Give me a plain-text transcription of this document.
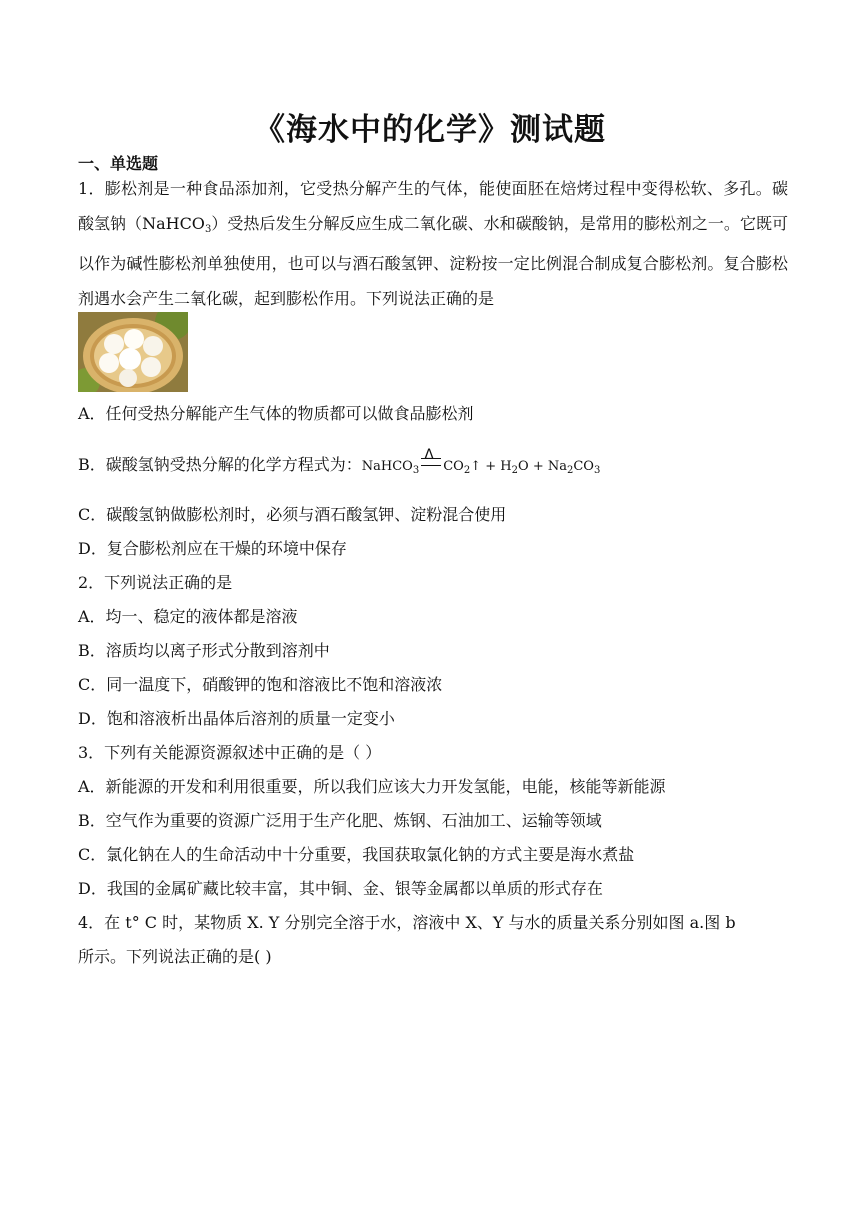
《海水中的化学》测试题
一、单选题
1．膨松剂是一种食品添加剂，它受热分解产生的气体，能使面胚在焙烤过程中变得松软、多孔。碳酸氢钠（NaHCO$_3$）受热后发生分解反应生成二氧化碳、水和碳酸钠，是常用的膨松剂之一。它既可以作为碱性膨松剂单独使用，也可以与酒石酸氢钾、淀粉按一定比例混合制成复合膨松剂。复合膨松剂遇水会产生二氧化碳，起到膨松作用。下列说法正确的是
A．任何受热分解能产生气体的物质都可以做食品膨松剂
B．碳酸氢钠受热分解的化学方程式为：NaHCO$_3$
Δ
$CO_2↑ + H_2O + Na_2CO_3$
C．碳酸氢钠做膨松剂时，必须与酒石酸氢钾、淀粉混合使用
D．复合膨松剂应在干燥的环境中保存
2．下列说法正确的是
A．均一、稳定的液体都是溶液
B．溶质均以离子形式分散到溶剂中
C．同一温度下，硝酸钾的饱和溶液比不饱和溶液浓
D．饱和溶液析出晶体后溶剂的质量一定变小
3．下列有关能源资源叙述中正确的是（ ）
A．新能源的开发和利用很重要，所以我们应该大力开发氢能，电能，核能等新能源
B．空气作为重要的资源广泛用于生产化肥、炼钢、石油加工、运输等领域
C．氯化钠在人的生命活动中十分重要，我国获取氯化钠的方式主要是海水煮盐
D．我国的金属矿藏比较丰富，其中铜、金、银等金属都以单质的形式存在
4．在 t° C 时，某物质 X. Y 分别完全溶于水，溶液中 X、Y 与水的质量关系分别如图 a.图 b
所示。下列说法正确的是( )
